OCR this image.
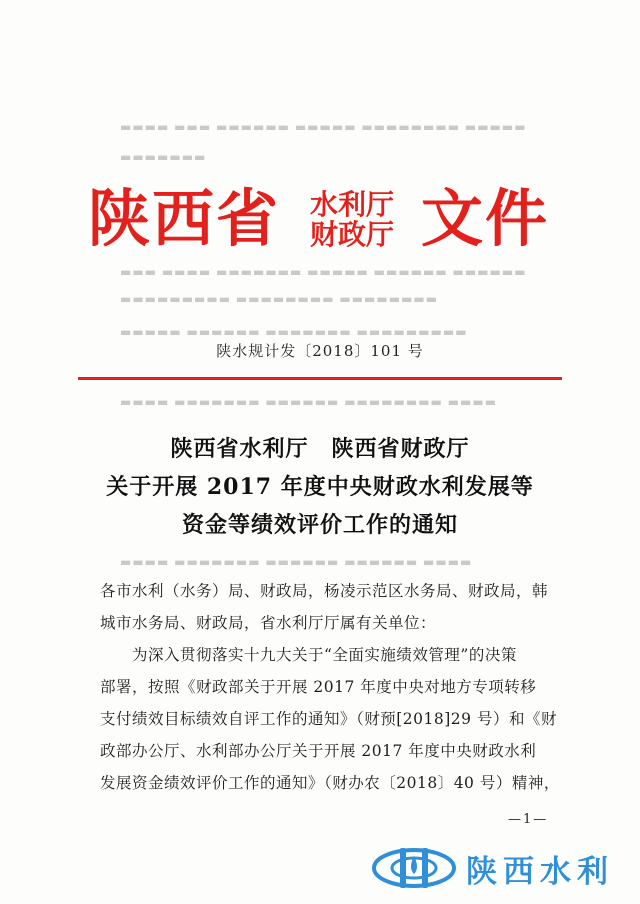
▬▬▬▬ ▬▬▬ ▬▬▬▬▬▬ ▬▬▬▬▬ ▬▬▬▬▬▬▬▬ ▬▬▬▬▬
▬▬▬▬▬▬▬
▬▬▬ ▬▬▬▬ ▬▬▬▬▬▬▬ ▬▬▬▬▬ ▬▬▬▬▬▬ ▬▬▬▬▬▬
▬▬▬▬▬▬▬▬▬ ▬▬▬▬▬▬▬▬ ▬▬▬▬▬▬▬▬
▬▬▬▬▬ ▬▬▬▬▬▬ ▬▬▬▬▬▬▬ ▬▬▬▬▬▬▬▬▬
▬▬▬▬ ▬▬▬▬▬▬▬ ▬▬▬▬▬▬ ▬▬▬▬▬▬▬▬ ▬▬▬▬
▬▬▬▬ ▬▬▬▬▬▬▬ ▬▬▬▬▬▬ ▬▬▬▬▬▬ ▬▬▬▬
陕西省 水利厅
财政厅 文件
陕水规计发〔2018〕101 号
陕西省水利厅　陕西省财政厅
关于开展 2017 年度中央财政水利发展等
资金等绩效评价工作的通知
各市水利（水务）局、财政局，杨凌示范区水务局、财政局，韩
城市水务局、财政局，省水利厅厅属有关单位：
为深入贯彻落实十九大关于“全面实施绩效管理”的决策
部署，按照《财政部关于开展 2017 年度中央对地方专项转移
支付绩效目标绩效自评工作的通知》（财预[2018]29 号）和《财
政部办公厅、水利部办公厅关于开展 2017 年度中央财政水利
发展资金绩效评价工作的通知》（财办农〔2018〕40 号）精神，
—1—
陕西水利
